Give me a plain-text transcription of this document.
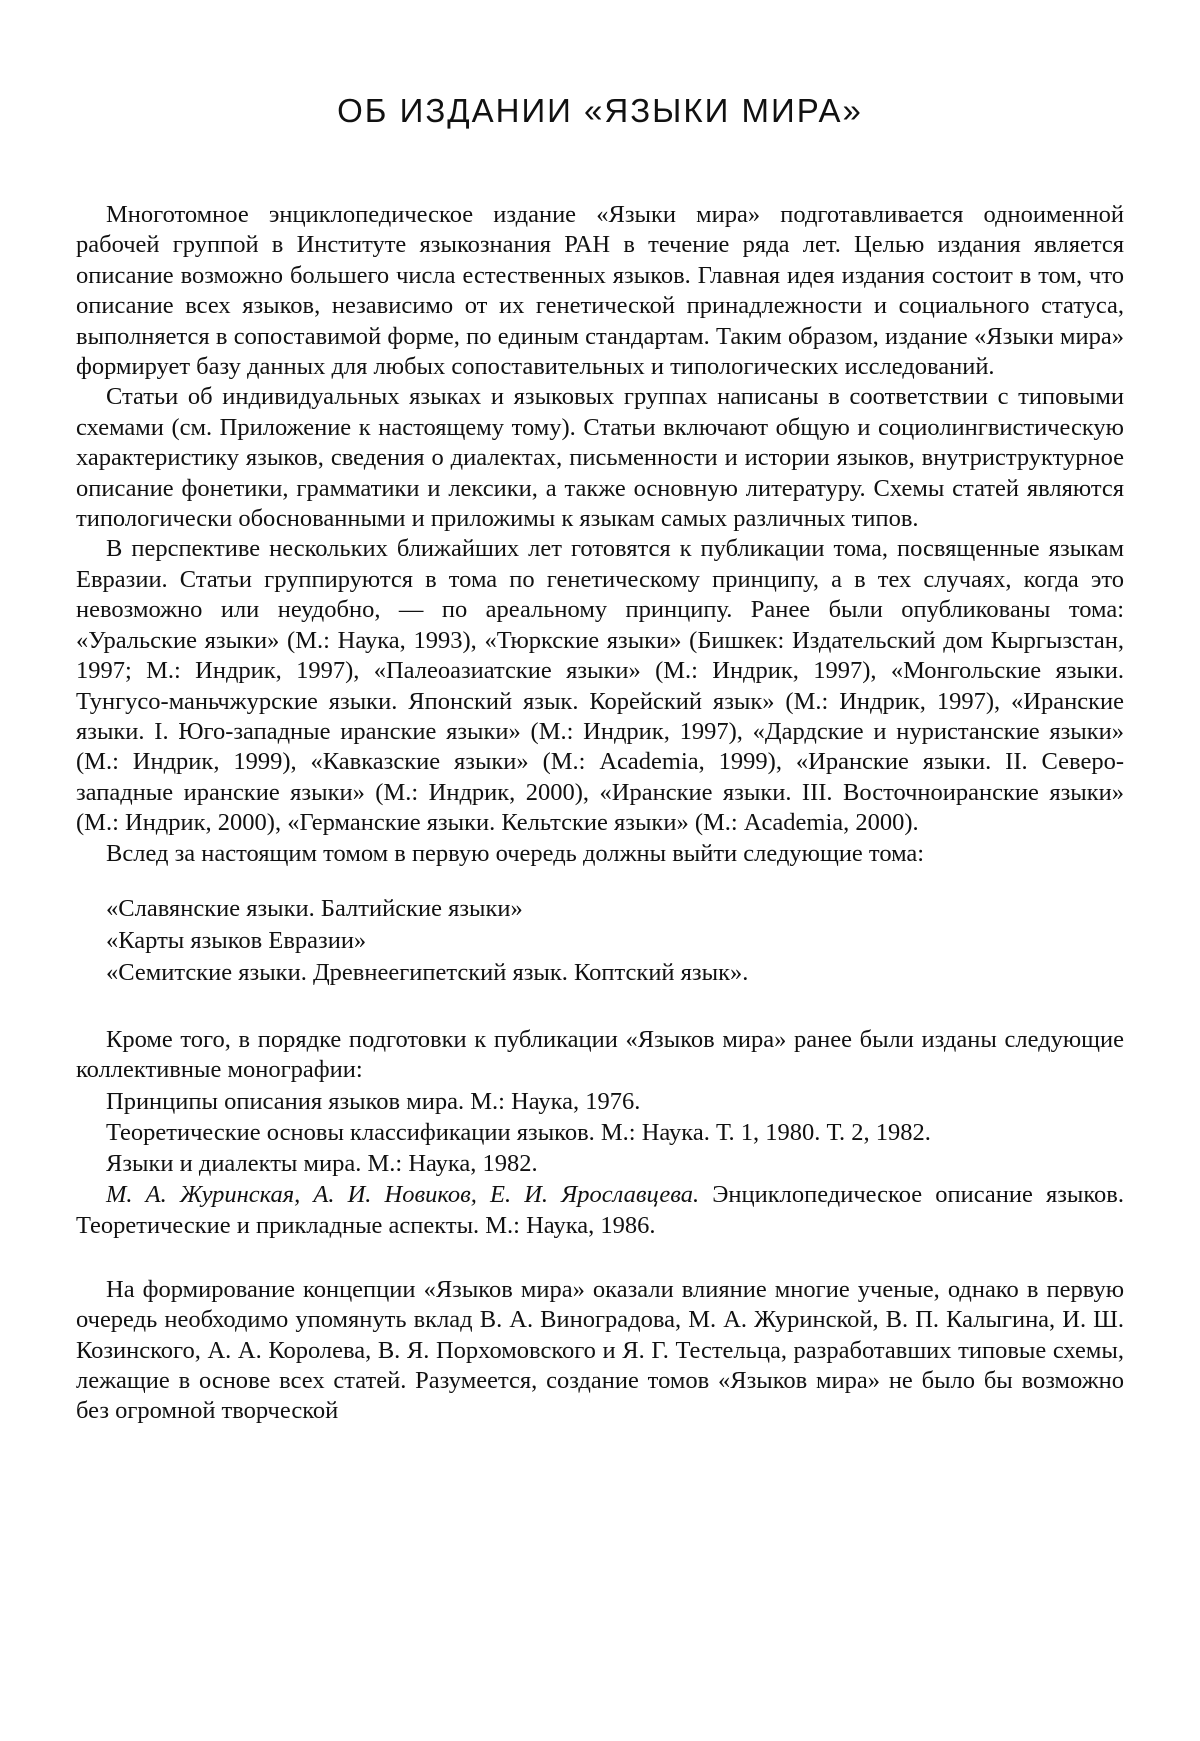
ОБ ИЗДАНИИ «ЯЗЫКИ МИРА»

Многотомное энциклопедическое издание «Языки мира» подготавливается одноименной рабочей группой в Институте языкознания РАН в течение ряда лет. Целью издания является описание возможно большего числа естественных языков. Главная идея издания состоит в том, что описание всех языков, независимо от их генетической принадлежности и социального статуса, выполняется в сопоставимой форме, по единым стандартам. Таким образом, издание «Языки мира» формирует базу данных для любых сопоставительных и типологических исследований.

Статьи об индивидуальных языках и языковых группах написаны в соответствии с типовыми схемами (см. Приложение к настоящему тому). Статьи включают общую и социолингвистическую характеристику языков, сведения о диалектах, письменности и истории языков, внутриструктурное описание фонетики, грамматики и лексики, а также основную литературу. Схемы статей являются типологически обоснованными и приложимы к языкам самых различных типов.

В перспективе нескольких ближайших лет готовятся к публикации тома, посвященные языкам Евразии. Статьи группируются в тома по генетическому принципу, а в тех случаях, когда это невозможно или неудобно, — по ареальному принципу. Ранее были опубликованы тома: «Уральские языки» (М.: Наука, 1993), «Тюркские языки» (Бишкек: Издательский дом Кыргызстан, 1997; М.: Индрик, 1997), «Палеоазиатские языки» (М.: Индрик, 1997), «Монгольские языки. Тунгусо-маньчжурские языки. Японский язык. Корейский язык» (М.: Индрик, 1997), «Иранские языки. I. Юго-западные иранские языки» (М.: Индрик, 1997), «Дардские и нуристанские языки» (М.: Индрик, 1999), «Кавказские языки» (М.: Academia, 1999), «Иранские языки. II. Северо-западные иранские языки» (М.: Индрик, 2000), «Иранские языки. III. Восточноиранские языки» (М.: Индрик, 2000), «Германские языки. Кельтские языки» (М.: Academia, 2000).

Вслед за настоящим томом в первую очередь должны выйти следующие тома:

«Славянские языки. Балтийские языки»
«Карты языков Евразии»
«Семитские языки. Древнеегипетский язык. Коптский язык».

Кроме того, в порядке подготовки к публикации «Языков мира» ранее были изданы следующие коллективные монографии:

Принципы описания языков мира. М.: Наука, 1976.
Теоретические основы классификации языков. М.: Наука. Т. 1, 1980. Т. 2, 1982.
Языки и диалекты мира. М.: Наука, 1982.
М. А. Журинская, А. И. Новиков, Е. И. Ярославцева. Энциклопедическое описание языков. Теоретические и прикладные аспекты. М.: Наука, 1986.

На формирование концепции «Языков мира» оказали влияние многие ученые, однако в первую очередь необходимо упомянуть вклад В. А. Виноградова, М. А. Журинской, В. П. Калыгина, И. Ш. Козинского, А. А. Королева, В. Я. Порхомовского и Я. Г. Тестельца, разработавших типовые схемы, лежащие в основе всех статей. Разумеется, создание томов «Языков мира» не было бы возможно без огромной творческой
